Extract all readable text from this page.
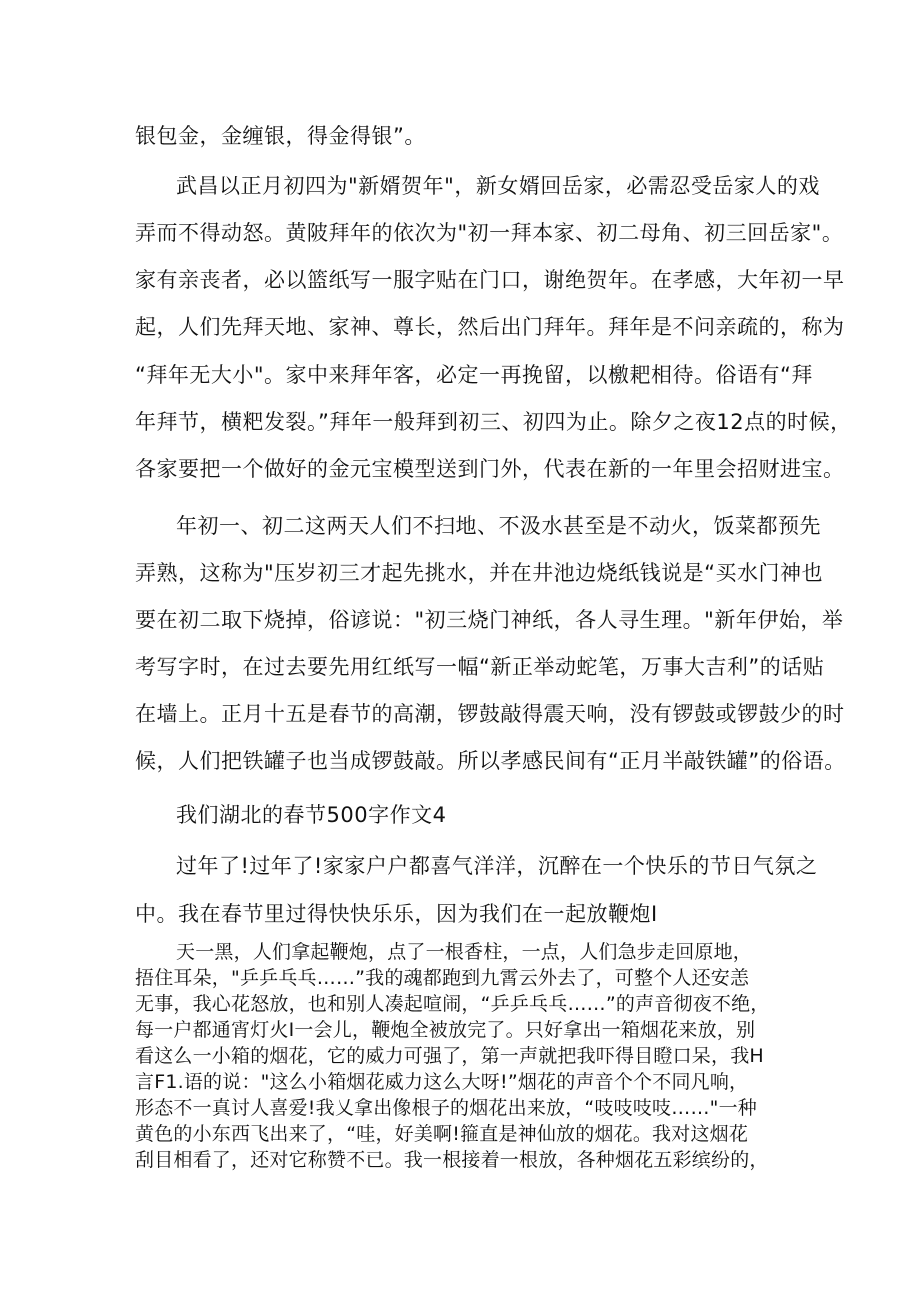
银包金，金缠银，得金得银”。
武昌以正月初四为"新婿贺年"，新女婿回岳家，必需忍受岳家人的戏
弄而不得动怒。黄陂拜年的依次为"初一拜本家、初二母角、初三回岳家"。
家有亲丧者，必以篮纸写一服字贴在门口，谢绝贺年。在孝感，大年初一早
起，人们先拜天地、家神、尊长，然后出门拜年。拜年是不问亲疏的，称为
“拜年无大小"。家中来拜年客，必定一再挽留，以檄耙相待。俗语有“拜
年拜节，横粑发裂。”拜年一般拜到初三、初四为止。除夕之夜12点的时候，
各家要把一个做好的金元宝模型送到门外，代表在新的一年里会招财进宝。
年初一、初二这两天人们不扫地、不汲水甚至是不动火，饭菜都预先
弄熟，这称为"压岁初三才起先挑水，并在井池边烧纸钱说是“买水门神也
要在初二取下烧掉，俗谚说："初三烧门神纸，各人寻生理。"新年伊始，举
考写字时，在过去要先用红纸写一幅“新正举动蛇笔，万事大吉利”的话贴
在墙上。正月十五是春节的高潮，锣鼓敲得震天响，没有锣鼓或锣鼓少的时
候，人们把铁罐子也当成锣鼓敲。所以孝感民间有“正月半敲铁罐”的俗语。
我们湖北的春节500字作文4
过年了!过年了!家家户户都喜气洋洋，沉醉在一个快乐的节日气氛之
中。我在春节里过得快快乐乐，因为我们在一起放鞭炮I
天一黑，人们拿起鞭炮，点了一根香柱，一点，人们急步走回原地，
捂住耳朵，"乒乒乓乓……”我的魂都跑到九霄云外去了，可整个人还安恙
无事，我心花怒放，也和别人凑起喧闹，“乒乒乓乓……”的声音彻夜不绝，
每一户都通宵灯火I一会儿，鞭炮全被放完了。只好拿出一箱烟花来放，别
看这么一小箱的烟花，它的威力可强了，第一声就把我吓得目瞪口呆，我H
言F1.语的说："这么小箱烟花威力这么大呀!”烟花的声音个个不同凡响，
形态不一真讨人喜爱!我乂拿出像根子的烟花出来放，“吱吱吱吱……"一种
黄色的小东西飞出来了，“哇，好美啊!箍直是神仙放的烟花。我对这烟花
刮目相看了，还对它称赞不已。我一根接着一根放，各种烟花五彩缤纷的，
